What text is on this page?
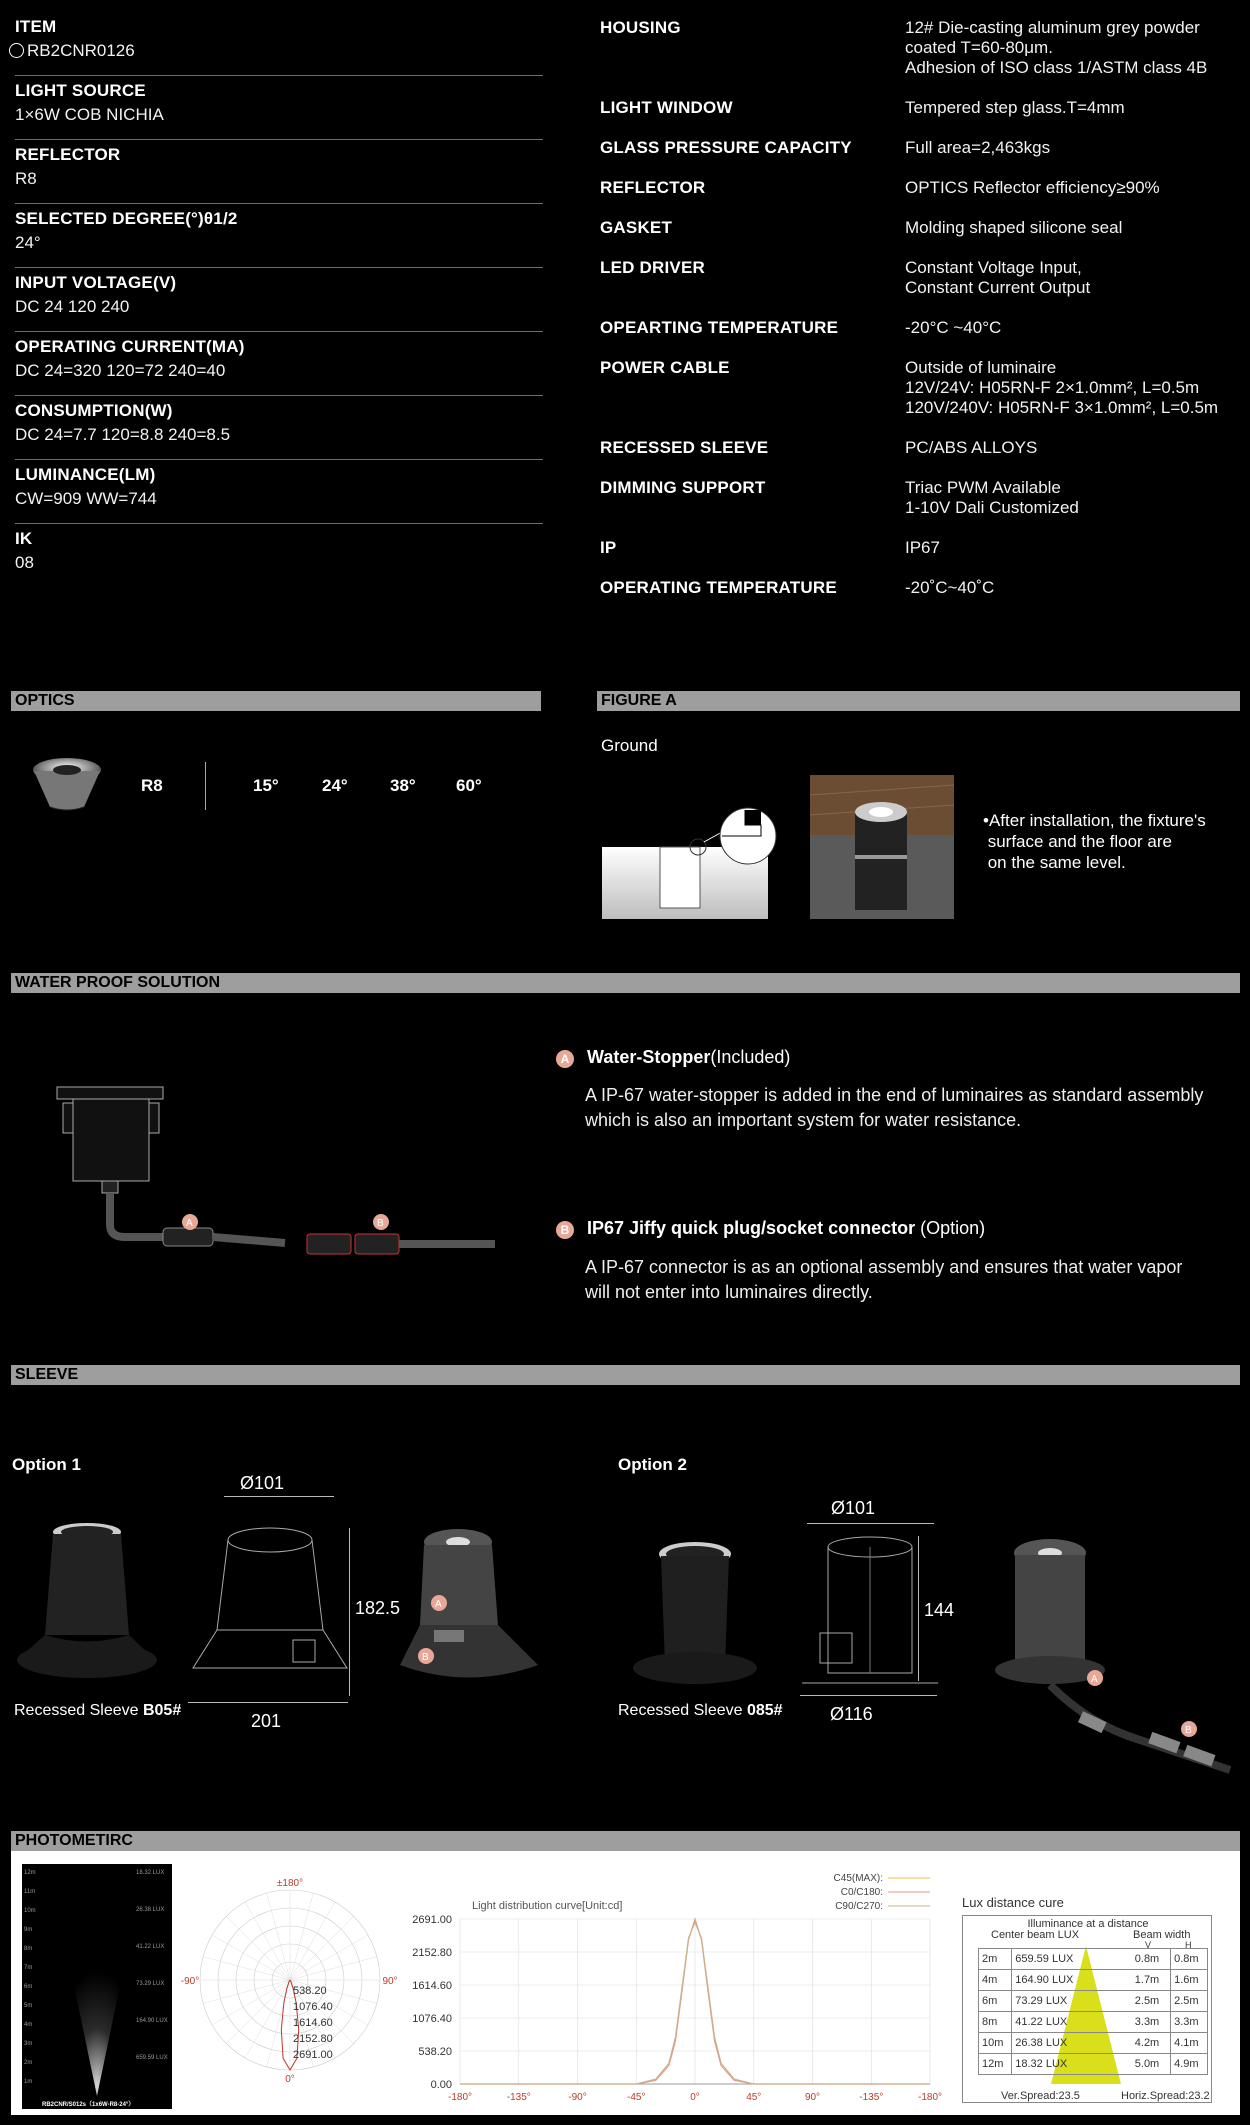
ITEM
RB2CNR0126
LIGHT SOURCE
1×6W COB NICHIA
REFLECTOR
R8
SELECTED DEGREE(°)θ1/2
24°
INPUT VOLTAGE(V)
DC 24 120 240
OPERATING CURRENT(MA)
DC 24=320 120=72 240=40
CONSUMPTION(W)
DC 24=7.7 120=8.8 240=8.5
LUMINANCE(LM)
CW=909 WW=744
IK
08
HOUSING	12# Die-casting aluminum grey powder
coated T=60-80μm.
Adhesion of ISO class 1/ASTM class 4B
LIGHT WINDOW	Tempered step glass.T=4mm
GLASS PRESSURE CAPACITY	Full area=2,463kgs
REFLECTOR	OPTICS Reflector efficiency≥90%
GASKET	Molding shaped silicone seal
LED DRIVER	Constant Voltage Input,
Constant Current Output
OPEARTING TEMPERATURE	-20°C ~40°C
POWER CABLE	Outside of luminaire
12V/24V: H05RN-F 2×1.0mm², L=0.5m
120V/240V: H05RN-F 3×1.0mm², L=0.5m
RECESSED SLEEVE	PC/ABS ALLOYS
DIMMING SUPPORT	Triac PWM Available
1-10V Dali Customized
IP	IP67
OPERATING TEMPERATURE	-20˚C~40˚C
OPTICS	FIGURE A
R8	15°	24° 38° 60°
Ground
•After installation, the fixture's
surface and the floor are
on the same level.
WATER PROOF SOLUTION
A	B
A Water-Stopper(Included)
A IP-67 water-stopper is added in the end of luminaires as standard assembly
which is also an important system for water resistance.
B IP67 Jiffy quick plug/socket connector (Option)
A IP-67 connector is as an optional assembly and ensures that water vapor
will not enter into luminaires directly.
SLEEVE
Option 1	Option 2
Ø101
182.5
201
A
B
Recessed Sleeve B05#
Ø101
144
Ø116
A
B
Recessed Sleeve 085#
PHOTOMETIRC
12m
11m
10m
9m
8m
7m
6m
5m
4m
3m
2m
1m
18.32 LUX
26.38 LUX
41.22 LUX
73.29 LUX
164.90 LUX
659.59 LUX
RB2CNR/S012s（1x6W-R8-24°）
±180°
-90°	90°
0°
538.20
1076.40
1614.60
2152.80
2691.00
2691.00
2152.80
1614.60
1076.40
538.20
0.00
-180°	-135°	-90°	-45°	0°	45°	90°	-135°	-180°
Light distribution curve[Unit:cd]
C45(MAX):
C0/C180:
C90/C270:	Lux distance cure
Illuminance at a distance
Center beam LUX	Beam width
V	H
2m	659.59 LUX	0.8m	0.8m
4m	164.90 LUX	1.7m	1.6m
6m	73.29 LUX	2.5m	2.5m
8m	41.22 LUX	3.3m	3.3m
10m	26.38 LUX	4.2m	4.1m
12m	18.32 LUX	5.0m	4.9m
Ver.Spread:23.5	Horiz.Spread:23.2
